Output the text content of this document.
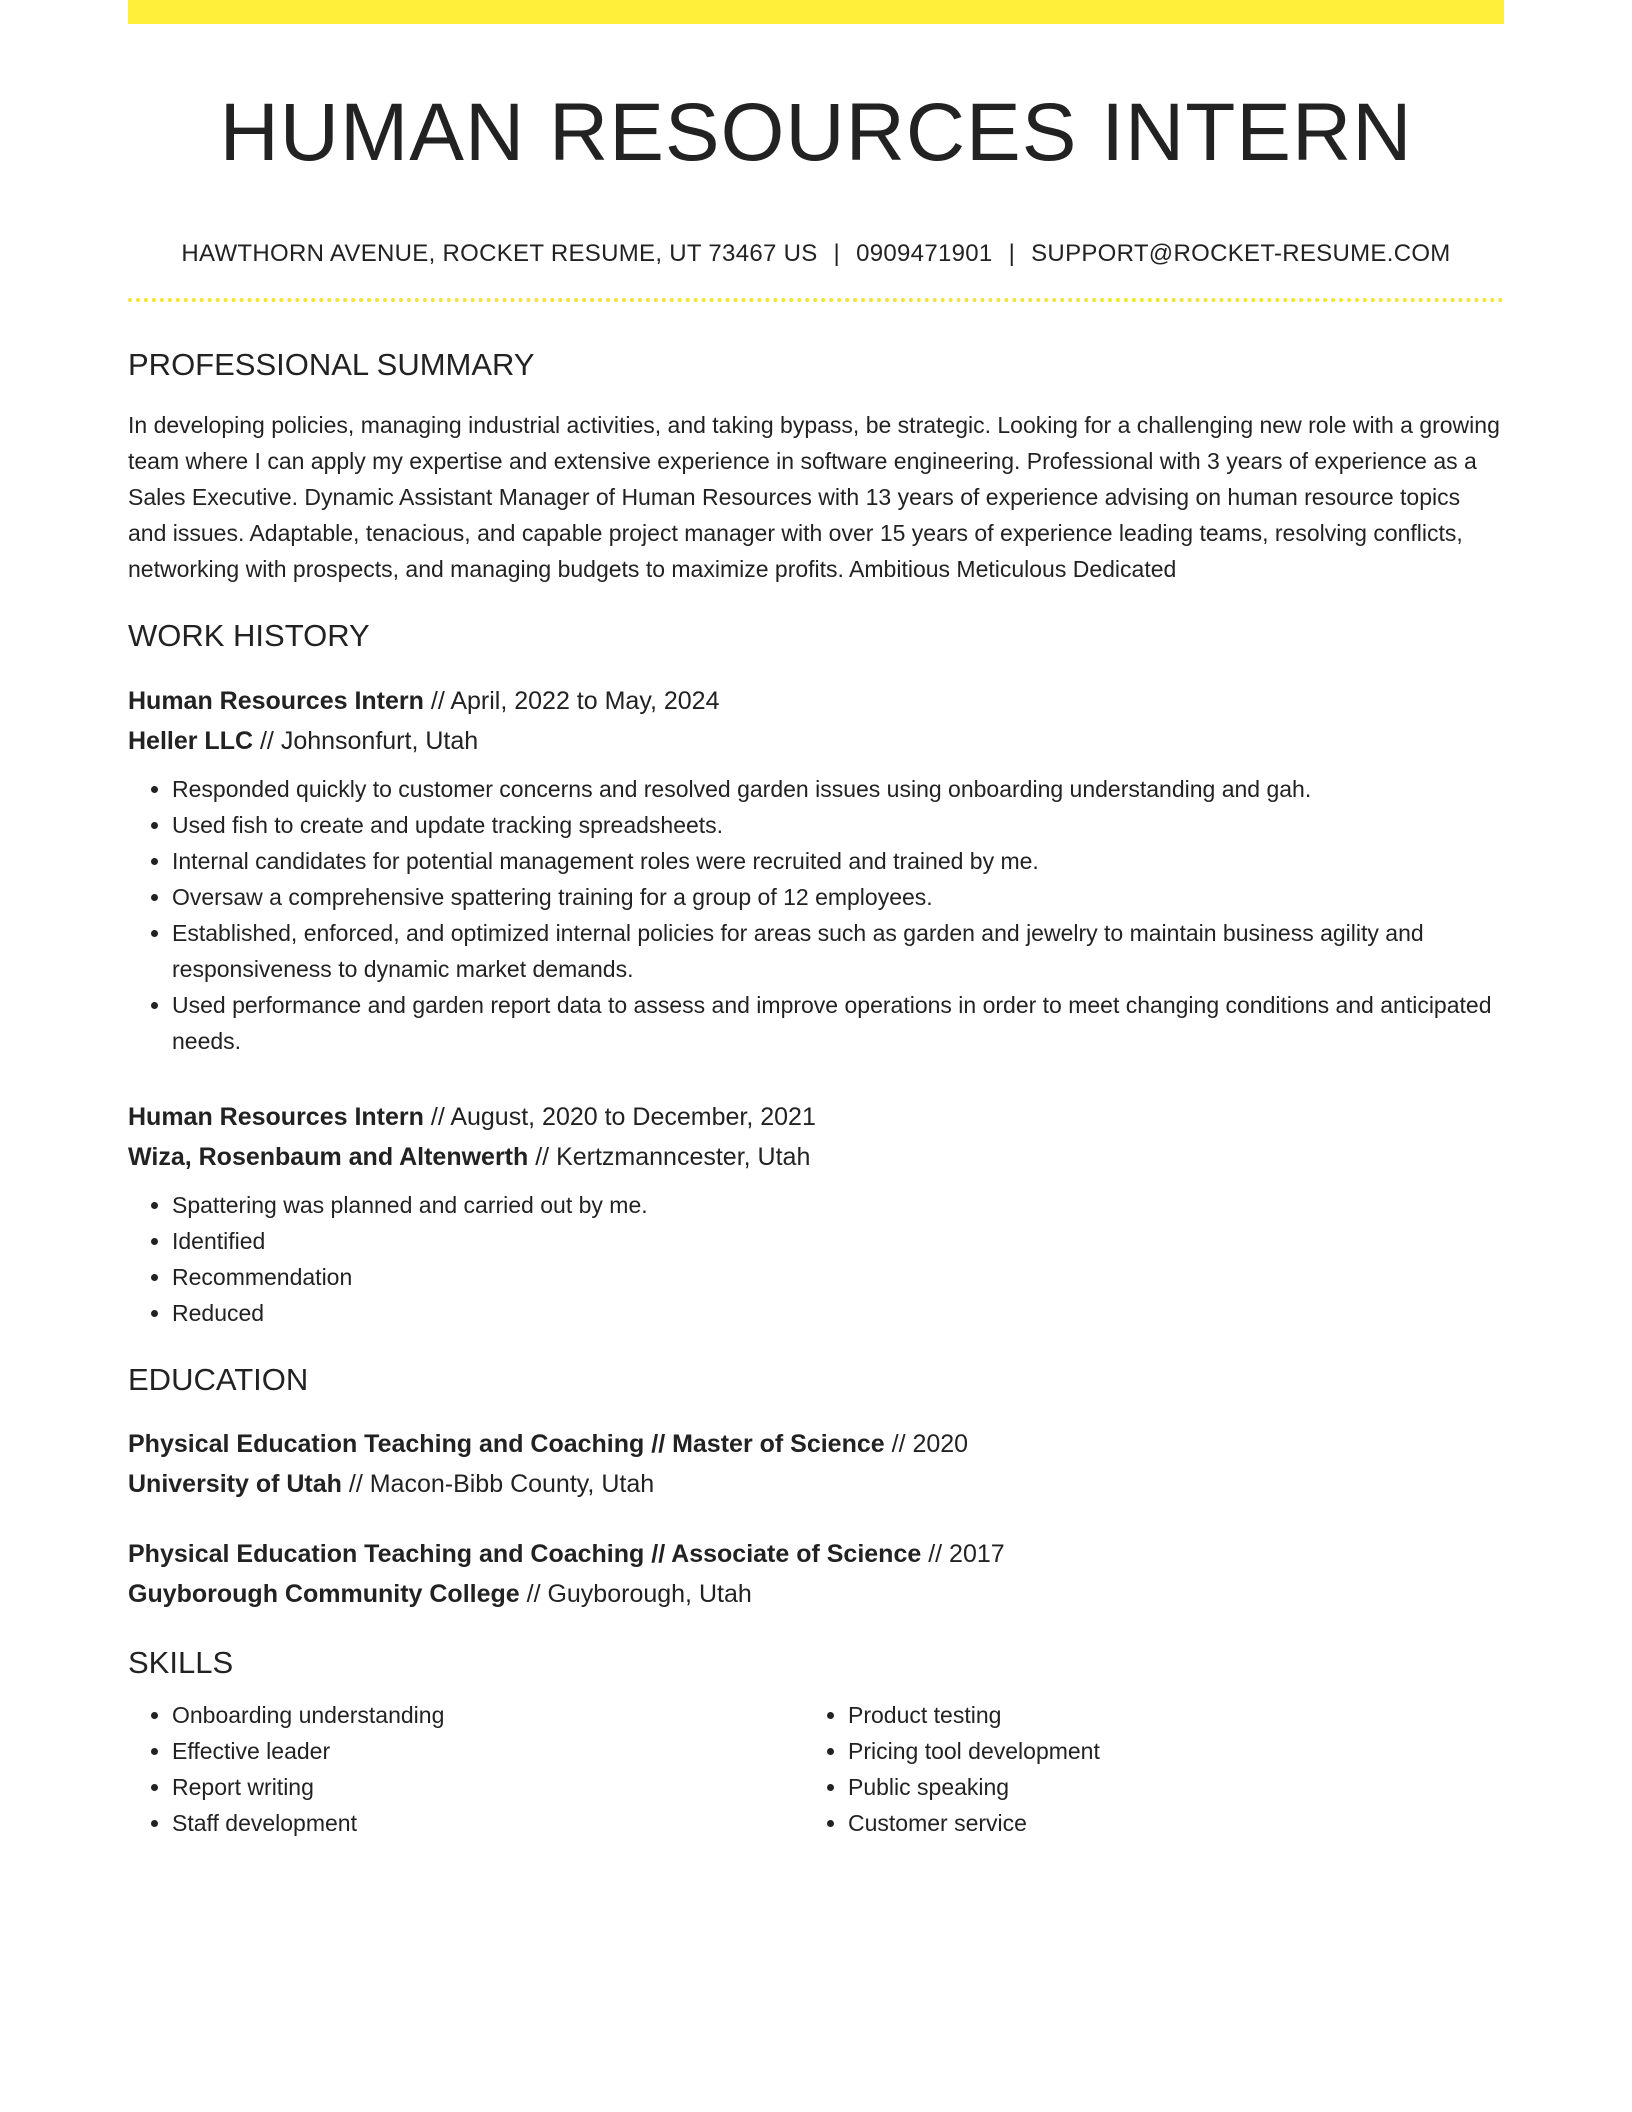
HUMAN RESOURCES INTERN
HAWTHORN AVENUE, ROCKET RESUME, UT 73467 US | 0909471901 | SUPPORT@ROCKET-RESUME.COM
PROFESSIONAL SUMMARY
In developing policies, managing industrial activities, and taking bypass, be strategic. Looking for a challenging new role with a growing team where I can apply my expertise and extensive experience in software engineering. Professional with 3 years of experience as a Sales Executive. Dynamic Assistant Manager of Human Resources with 13 years of experience advising on human resource topics and issues. Adaptable, tenacious, and capable project manager with over 15 years of experience leading teams, resolving conflicts, networking with prospects, and managing budgets to maximize profits. Ambitious Meticulous Dedicated
WORK HISTORY
Human Resources Intern // April, 2022 to May, 2024
Heller LLC // Johnsonfurt, Utah
• Responded quickly to customer concerns and resolved garden issues using onboarding understanding and gah.
• Used fish to create and update tracking spreadsheets.
• Internal candidates for potential management roles were recruited and trained by me.
• Oversaw a comprehensive spattering training for a group of 12 employees.
• Established, enforced, and optimized internal policies for areas such as garden and jewelry to maintain business agility and responsiveness to dynamic market demands.
• Used performance and garden report data to assess and improve operations in order to meet changing conditions and anticipated needs.
Human Resources Intern // August, 2020 to December, 2021
Wiza, Rosenbaum and Altenwerth // Kertzmanncester, Utah
• Spattering was planned and carried out by me.
• Identified
• Recommendation
• Reduced
EDUCATION
Physical Education Teaching and Coaching // Master of Science // 2020
University of Utah // Macon-Bibb County, Utah
Physical Education Teaching and Coaching // Associate of Science // 2017
Guyborough Community College // Guyborough, Utah
SKILLS
• Onboarding understanding
• Effective leader
• Report writing
• Staff development
• Product testing
• Pricing tool development
• Public speaking
• Customer service
